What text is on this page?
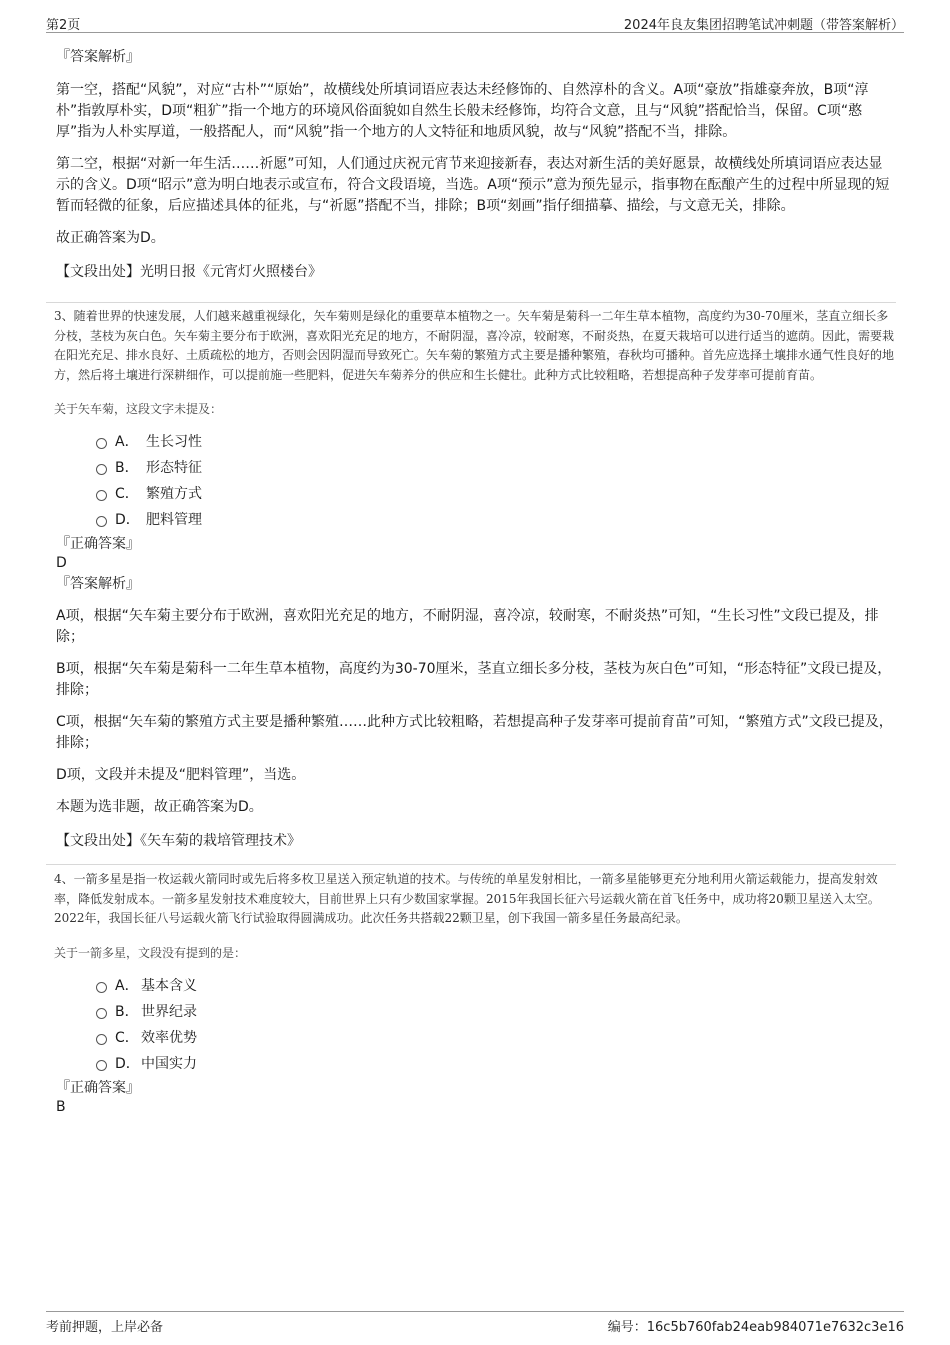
第2页	2024年良友集团招聘笔试冲刺题（带答案解析）

『答案解析』

第一空，搭配“风貌”，对应“古朴”“原始”，故横线处所填词语应表达未经修饰的、自然淳朴的含义。A项“豪放”指雄豪奔放，B项“淳朴”指敦厚朴实，D项“粗犷”指一个地方的环境风俗面貌如自然生长般未经修饰，均符合文意，且与“风貌”搭配恰当，保留。C项“憨厚”指为人朴实厚道，一般搭配人，而“风貌”指一个地方的人文特征和地质风貌，故与“风貌”搭配不当，排除。

第二空，根据“对新一年生活……祈愿”可知，人们通过庆祝元宵节来迎接新春，表达对新生活的美好愿景，故横线处所填词语应表达显示的含义。D项“昭示”意为明白地表示或宣布，符合文段语境，当选。A项“预示”意为预先显示，指事物在酝酿产生的过程中所显现的短暂而轻微的征象，后应描述具体的征兆，与“祈愿”搭配不当，排除；B项“刻画”指仔细描摹、描绘，与文意无关，排除。

故正确答案为D。

【文段出处】光明日报《元宵灯火照楼台》

3、随着世界的快速发展，人们越来越重视绿化，矢车菊则是绿化的重要草本植物之一。矢车菊是菊科一二年生草本植物，高度约为30-70厘米，茎直立细长多分枝，茎枝为灰白色。矢车菊主要分布于欧洲，喜欢阳光充足的地方，不耐阴湿，喜冷凉，较耐寒，不耐炎热，在夏天栽培可以进行适当的遮荫。因此，需要栽在阳光充足、排水良好、土质疏松的地方，否则会因阴湿而导致死亡。矢车菊的繁殖方式主要是播种繁殖，春秋均可播种。首先应选择土壤排水通气性良好的地方，然后将土壤进行深耕细作，可以提前施一些肥料，促进矢车菊养分的供应和生长健壮。此种方式比较粗略，若想提高种子发芽率可提前育苗。

关于矢车菊，这段文字未提及：

A． 生长习性
B． 形态特征
C． 繁殖方式
D． 肥料管理

『正确答案』

D

『答案解析』

A项，根据“矢车菊主要分布于欧洲，喜欢阳光充足的地方，不耐阴湿，喜冷凉，较耐寒，不耐炎热”可知，“生长习性”文段已提及，排除；

B项，根据“矢车菊是菊科一二年生草本植物，高度约为30-70厘米，茎直立细长多分枝，茎枝为灰白色”可知，“形态特征”文段已提及，排除；

C项，根据“矢车菊的繁殖方式主要是播种繁殖……此种方式比较粗略，若想提高种子发芽率可提前育苗”可知，“繁殖方式”文段已提及，排除；

D项，文段并未提及“肥料管理”，当选。

本题为选非题，故正确答案为D。

【文段出处】《矢车菊的栽培管理技术》

4、一箭多星是指一枚运载火箭同时或先后将多枚卫星送入预定轨道的技术。与传统的单星发射相比，一箭多星能够更充分地利用火箭运载能力，提高发射效率，降低发射成本。一箭多星发射技术难度较大，目前世界上只有少数国家掌握。2015年我国长征六号运载火箭在首飞任务中，成功将20颗卫星送入太空。2022年，我国长征八号运载火箭飞行试验取得圆满成功。此次任务共搭载22颗卫星，创下我国一箭多星任务最高纪录。

关于一箭多星，文段没有提到的是：

A． 基本含义
B． 世界纪录
C． 效率优势
D． 中国实力

『正确答案』

B

考前押题，上岸必备	编号：16c5b760fab24eab984071e7632c3e16
